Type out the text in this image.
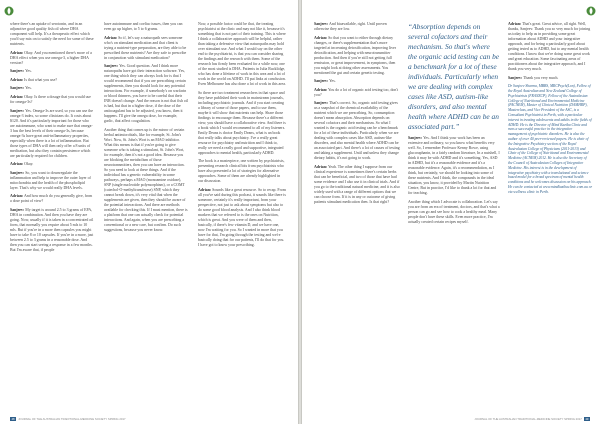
where there's an uptake of serotonin, and in an adjunctive good quality fish oil where DHA component will help. It's a therapeutic effect which you'd say mix on to satisfy the need for some of these nutrients.

Adrian: Okay. And you mentioned there's more of a DHA effect when you use omega-3, a higher DHA version?

Sanjeev: Yes.

Adrian: Is that what you use?

Sanjeev: Yes.

Adrian: Okay. Is there a dosage that you would use for omega-3s?

Sanjeev: Yes. Omega-3s are used, so you can use the omega-3 index, so some clinicians do. It costs about $120. And it's particularly important for those who are autoimmune, who want to make sure that omega-3 has the best levels of their omega-3s, because omega-3s have great anti-inflammatory properties, especially when there is a lot of inflammation. But those types of DHA will then only offer a 8 units of medication, but also they contain persistence which are particularly required for children.

Adrian: Okay.

Sanjeev: So, you want to downregulate the inflammation and help to improve the outer layer of mitochondria and the health of the phospholipid layer. That's why we would really DHA levels.

Adrian: And how much do you generally give, from a dose point of view?

Sanjeev: My target is around 2.5 to 3 grams of EPA, DHA in combination. And then you have they are going. Now, usually if it is taken in a concentrated oil form, that normally you require about 5 mls to 10 mls. But if you're in a more then capsules you might have to take 8 or 10 capsules. If you're in a more, just between 2.5 to 3 grams in a reasonable dose. And then you can start seeing a response in a few months. But I'm aware that, if people

have autoimmune and coeliac issues, then you can even go up higher, to 5 to 6 grams.

Adrian: So if, let's say a naturopath sees someone who's on stimulant medication and that client is trying a nutrient-type preparation, are they able to be prescribed these nutrients? Are they safe to prescribe in conjunction with stimulant medication?

Sanjeev: Yes. Good question. And I think more naturopaths have got their interaction software. Yes, one thing which they can always look for is that I would recommend that if you are prescribing certain supplements, then you should look for any potential interactions. For example, if somebody's on warfarin or blood thinners, you have to be careful that their INR doesn't change. And the reason is not that fish oil is bad, but that in a higher dose, if the dose of the anticoagulant has to be adjusted, you know, then it happens. I'll give the omega dose, for example, garlic, that affect coagulation.

Another thing that comes up is the mirror of certain herbal antimicrobials, like for example, St. John's Wort. Now, St. John's Wort is an MAO inhibitor. What this means is that if you're going to give someone who is taking a stimulant, St. John's Wort, for example, then it's not a good idea. Because you are blocking the metabolism of those neurotransmitters, then you can have an interaction. So you need to look at these things. And if the individual has a genetic vulnerability in some pathways, perhaps a MAO (monoamine oxidase), SNP (single nucleotide polymorphism), or a COMT (catechol-O-methyltransferase) SNP, which they cannot break down, it's very vital that when the supplements are given, then they should be aware of the potential interactions. And there are methods available for checking this. If I must mention, there is a platform that one can actually check for potential interactions. And again, when you are prescribing a conventional or a new care, but confirm. Do such suggestions, because you never know.

Now, a possible factor could be that, the treating psychiatrist at the clinic and may not like it, because it's something that is not part of their training. This is where I think a collaborative approach will be helpful, rather than taking a defensive view that naturopaths may hold over stimulant use. And what I would say on the other end to the psychiatrist, is that you can consider sharing the findings and the research with them. Some of the research has firmly been evaluated for a while now, one of the most studied is DHA. Patients in Julia Rucklidge, who has done a lifetime of work in this area and a lot of work in the world on ADHD. I'll put links at conclusion. Even Melbourne has also done a lot of work in this area.

So there are two treatment researchers in that space and they have published their work in mainstream journals, including psychiatric journals. And if you start creating a library of some of those papers, and to use them, maybe it will show that nutrients can help. Share those findings to encourage them. Because there's a different view, you should have a collaborative view. And there is a book which I would recommend to all of my listeners. Emily Deans is doctor Emily Deans, what is an book that really talks about psychiatry. I've a really great resource for psychiatry and nutrition and I think to, really we need a really good and supportive, integrated approaches to mental health, particularly ADHD.

The book is a masterpiece, one written by psychiatrists, presenting research clinical bits from psychiatrists who have also presented a lot of strategies for alternative approaches. Some of them are already highlighted in our discussion.

Adrian: Sounds like a great resource. So to recap. From all you've said during this podcast, it sounds like there is someone, certainly it's really important, from your perspective, not just to ask about symptoms but also to do some good blood analysis. And I also think blood markers that we referred to is the ones on Nutrition, which is great. And you were of them and then, basically, if there's few vitamin D, and we have one, now I'm waiting for you. So I wanted in more that you have for that, I'm going through the testing and we're basically doing that for our patients, I'll do that for you. I have got to know your prescribing.

48	JOURNAL OF THE AUSTRALIAN TRADITIONAL-MEDICINE SOCIETY SPRING 2017

Sanjeev: And bioavailable, right. Until proven otherwise they are low.

Adrian: So that you want to either through dietary changes, or there's supplementation that's more targeted at increasing detoxification, improving liver detoxification, and helping with neurotransmitter production. And then if you're still not getting full remission, or great improvement, in symptoms, then you might look at doing other assessments. You mentioned the gut and certain genetic testing.

Sanjeev: Yes.

Adrian: You do a lot of organic acid testing too, don't you?

Sanjeev: That's correct. So, organic acid testing gives us a snapshot of the chemical availability of the nutrient which we are prescribing. So, consumption doesn't mean absorption. Absorption depends on several cofactors and their mechanism. So what I wanted is the organic acid testing can be a benchmark for a lot of these individuals. Particularly when we are dealing with complex cases like ASD, autism-like disorders, and also mental health where ADHD can be an associated part. And there's a lot of causes of testing and taking a supplement. Until and unless they change dietary habits, it's not going to work.

Adrian: Yeah. The other thing I suppose from our clinical experience is sometimes there's certain herbs that can be beneficial, and two of those that have had some evidence and I also use it in clinical trials. And if you go to the traditional natural medicine, and it is also widely used with a range of different options that we can choose from. If it is in any or outcome of giving patients stimulant medication then. Is that right?

“Absorption depends on several cofactors and their mechanism. So that's where the organic acid testing can be a benchmark for a lot of these individuals. Particularly when we are dealing with complex cases like ASD, autism-like disorders, and also mental health where ADHD can be an associated part.”

Sanjeev: Yes. And I think your work has been an extensive and ordinary, so you know what benefits very well. So, I remember Professor Kenny Rowe, using glucoraphanin, in a fairly random literature, In a nutshell, I think it may be with ADHD and it's something. Yes, ASD in ADHD, but it's a reasonable evidence and it's a reasonable evidence. Again, it's a recommendation, as I think, but certainly, we should be looking into some of these nutrients. And I think, the compounds in the ideal situation, you know, it provided by Martin Nutrition Centre, But in practice, I'd like to thank a lot for that and for teaching.

Another thing which I advocate is collaboration. Let's say you are from an era of treatment, doctors, and that's what a person can go and see how to cook a healthy meal. Many people don't have these skills. Even more practice, I'm actually created certain recipes myself.

Adrian: That's great. Great advice, all right. Well, thanks, Sanjeev. Thank you so very much for joining us today to help us in providing some great information about ADHD and your integrative approach, and for being a particularly good about getting tested as to ADHD, but to any mental health conditions. I know that we're doing some great work and great education. Some fascinating areas of practitioners about the integrative approach, and I thank you very much.

Sanjeev: Thank you very much.

Dr Sanjeev Sharma, MBBS, MRCPsych(Lon), Fellow of the Royal Australian and New Zealand College of Psychiatrists (FRANZCP), Fellow of the Australasian College of Nutritional and Environmental Medicine (FACNEM), Master of Clinical Nutrition (DAMHRP), Masterclass, and Vice President of the ASC, is a Consultant Psychiatrist in Perth, with a particular interest in treating adolescents and adults in the fields of ADHD. He is the Director of Mind Kaziba Clinic and runs a successful practice in the integrative management of psychiatric disorders. He is also the author of over 40 peer-reviewed papers. He is chair of the Integrative Psychiatry section of the Royal Australasian College of Physicians (2011-2013) and Chair of the College of Nutritional and Environmental Medicine (ACNEM) 2012. He is also the Secretary of the Council of Australasian Colleges of Integrative Medicine. His interest is in the development of integrative psychiatry with a translational and science based model for a broad spectrum of mental health conditions and he welcomes discussion on his approach. He can be contacted at www.mindkazibaclinic.com.au or via wellness clinic in Perth.
JOURNAL OF THE AUSTRALIAN TRADITIONAL-MEDICINE SOCIETY SPRING 2017	49
